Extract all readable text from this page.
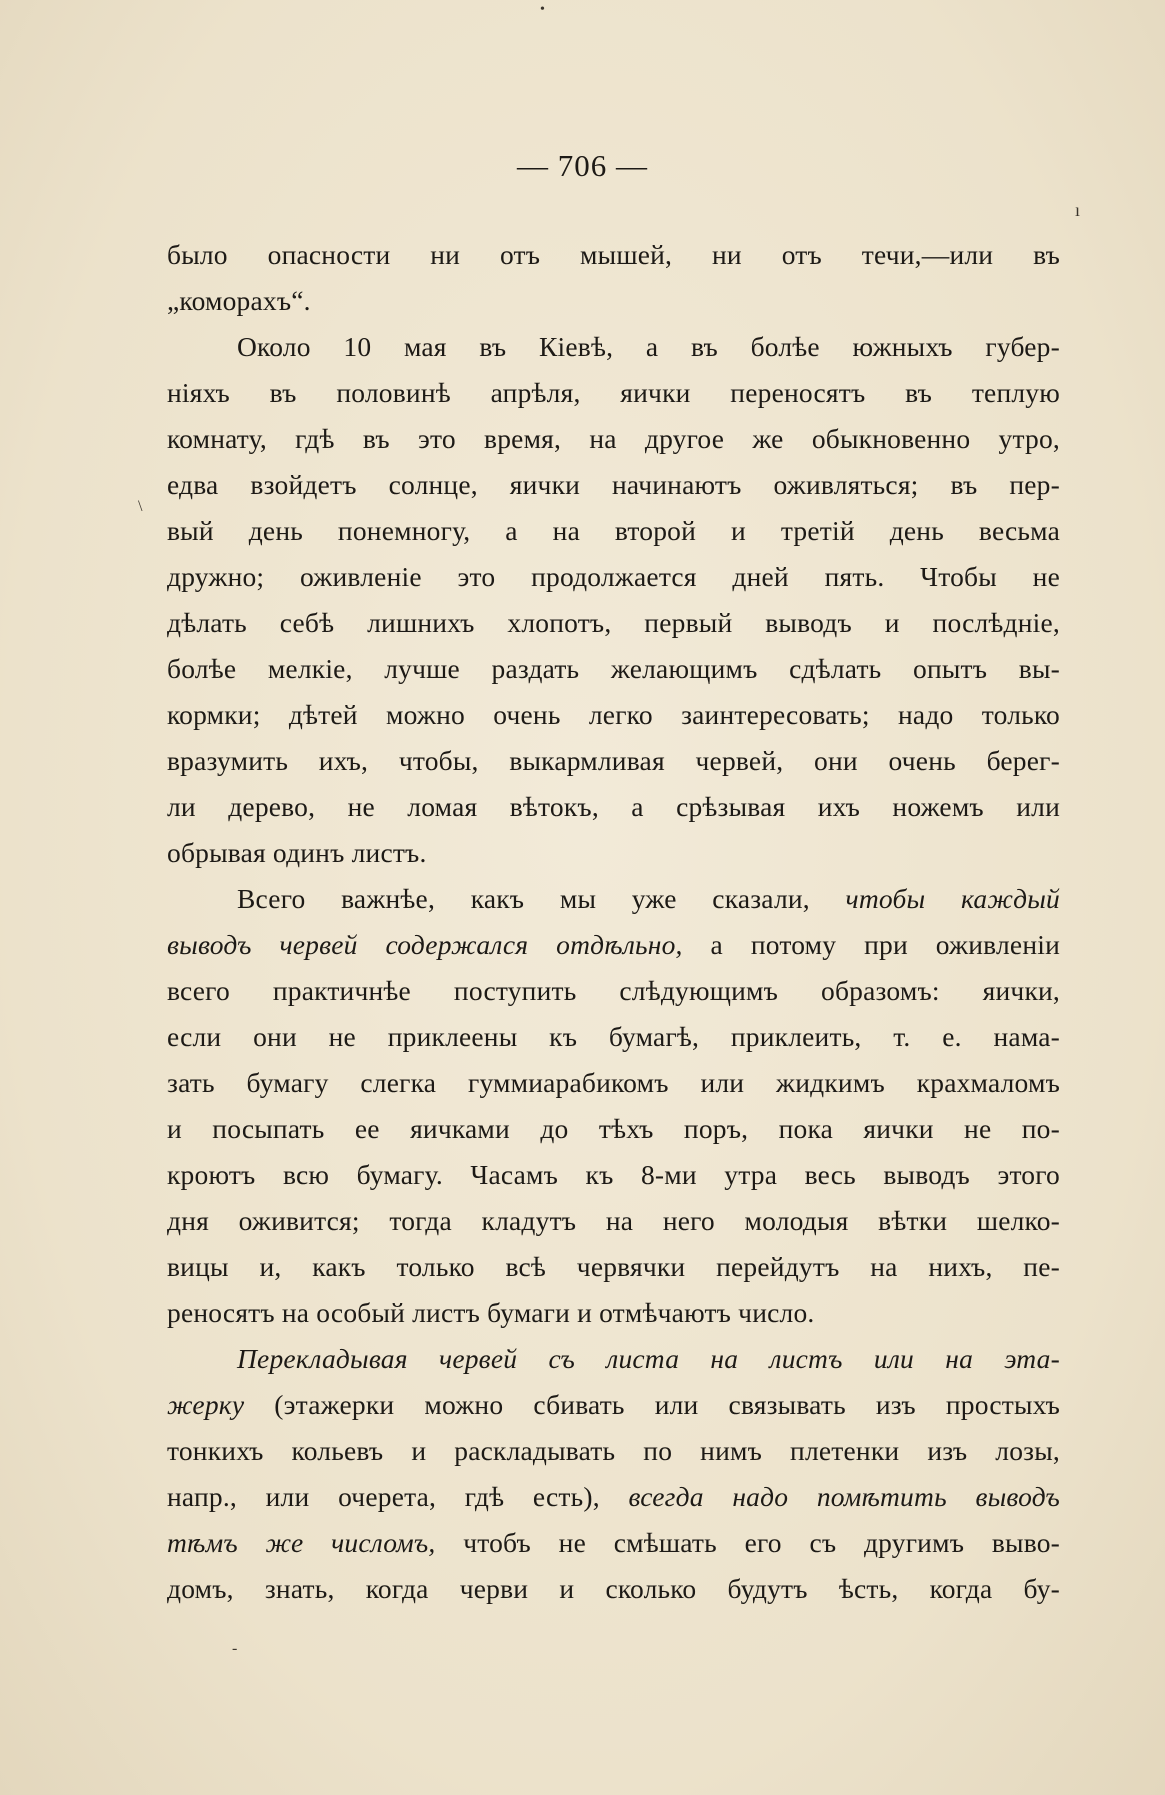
— 706 —
было опасности ни отъ мышей, ни отъ течи,—или въ
„комораxъ“.
Около 10 мая въ Кіевѣ, а въ болѣе южныхъ губер-
ніяхъ въ половинѣ апрѣля, яички переносятъ въ теплую
комнату, гдѣ въ это время, на другое же обыкновенно утро,
едва взойдетъ солнце, яички начинаютъ оживляться; въ пер-
вый день понемногу, а на второй и третій день весьма
дружно; оживленіе это продолжается дней пять. Чтобы не
дѣлать себѣ лишнихъ хлопотъ, первый выводъ и послѣдніе,
болѣе мелкіе, лучше раздать желающимъ сдѣлать опытъ вы-
кормки; дѣтей можно очень легко заинтересовать; надо только
вразумить ихъ, чтобы, выкармливая червей, они очень берег-
ли дерево, не ломая вѣтокъ, а срѣзывая ихъ ножемъ или
обрывая одинъ листъ.
Всего важнѣе, какъ мы уже сказали, чтобы каждый
выводъ червей содержался отдѣльно, а потому при оживленіи
всего практичнѣе поступить слѣдующимъ образомъ: яички,
если они не приклеены къ бумагѣ, приклеить, т. е. нама-
зать бумагу слегка гуммиарабикомъ или жидкимъ крахмаломъ
и посыпать ее яичками до тѣхъ поръ, пока яички не по-
кроютъ всю бумагу. Часамъ къ 8-ми утра весь выводъ этого
дня оживится; тогда кладутъ на него молодыя вѣтки шелко-
вицы и, какъ только всѣ червячки перейдутъ на нихъ, пе-
реносятъ на особый листъ бумаги и отмѣчаютъ число.
Перекладывая червей съ листа на листъ или на эта-
жерку (этажерки можно сбивать или связывать изъ простыхъ
тонкихъ кольевъ и раскладывать по нимъ плетенки изъ лозы,
напр., или очерета, гдѣ есть), всегда надо помѣтить выводъ
тѣмъ же числомъ, чтобъ не смѣшать его съ другимъ выво-
домъ, знать, когда черви и сколько будутъ ѣсть, когда бу-
•
ı
\
‑
